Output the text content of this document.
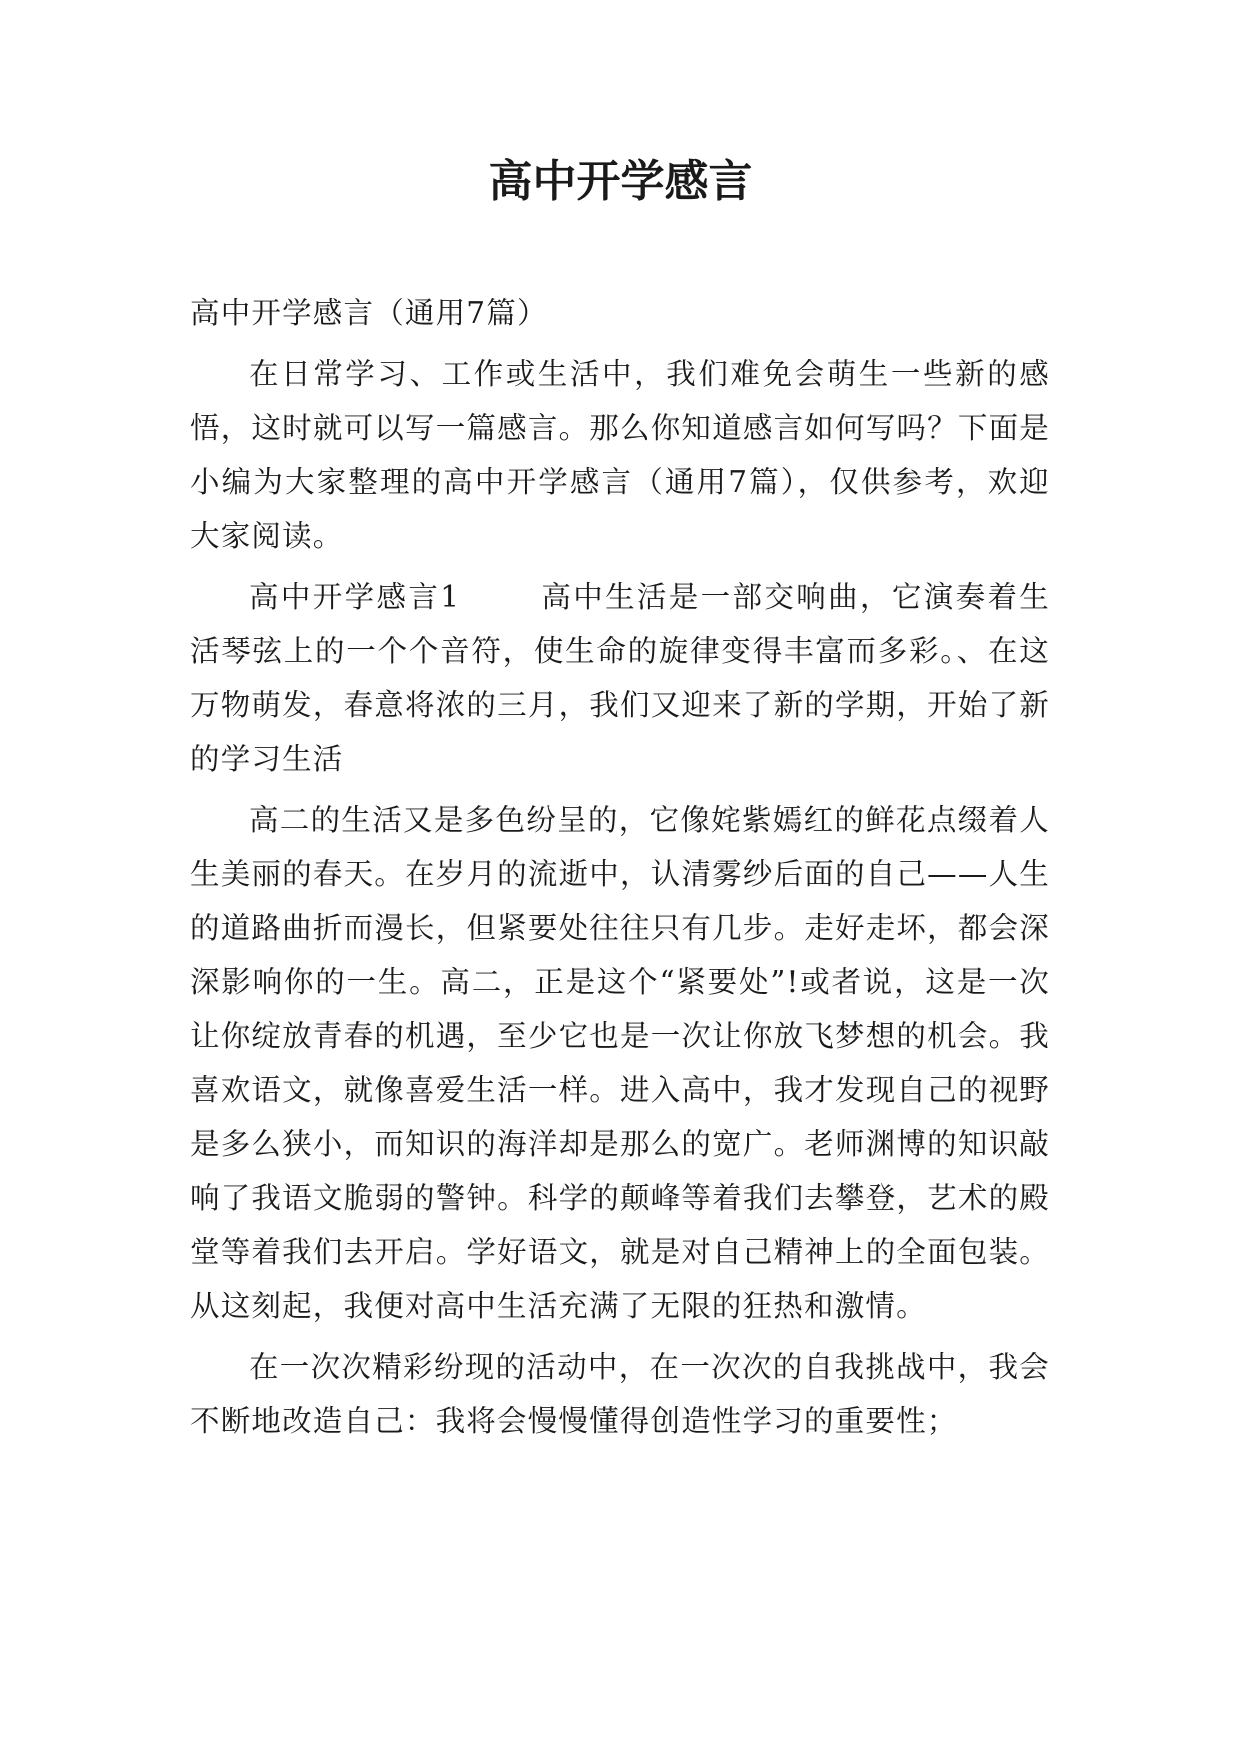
高中开学感言

高中开学感言（通用7篇）

在日常学习、工作或生活中，我们难免会萌生一些新的感悟，这时就可以写一篇感言。那么你知道感言如何写吗？下面是小编为大家整理的高中开学感言（通用7篇），仅供参考，欢迎大家阅读。

高中开学感言1	高中生活是一部交响曲，它演奏着生活琴弦上的一个个音符，使生命的旋律变得丰富而多彩。、在这万物萌发，春意将浓的三月，我们又迎来了新的学期，开始了新的学习生活

高二的生活又是多色纷呈的，它像姹紫嫣红的鲜花点缀着人生美丽的春天。在岁月的流逝中，认清雾纱后面的自己——人生的道路曲折而漫长，但紧要处往往只有几步。走好走坏，都会深深影响你的一生。高二，正是这个“紧要处”!或者说，这是一次让你绽放青春的机遇，至少它也是一次让你放飞梦想的机会。我喜欢语文，就像喜爱生活一样。进入高中，我才发现自己的视野是多么狭小，而知识的海洋却是那么的宽广。老师渊博的知识敲响了我语文脆弱的警钟。科学的颠峰等着我们去攀登，艺术的殿堂等着我们去开启。学好语文，就是对自己精神上的全面包装。从这刻起，我便对高中生活充满了无限的狂热和激情。

在一次次精彩纷现的活动中，在一次次的自我挑战中，我会不断地改造自己：我将会慢慢懂得创造性学习的重要性；
